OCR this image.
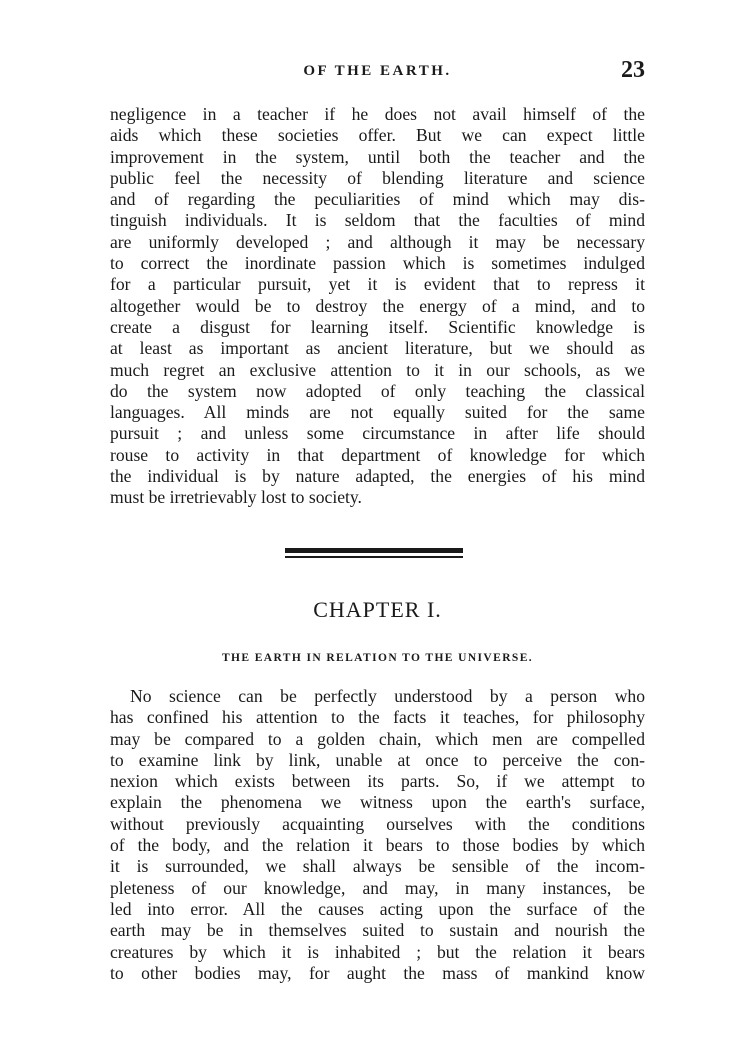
OF THE EARTH.	23
negligence in a teacher if he does not avail himself of the
aids which these societies offer. But we can expect little
improvement in the system, until both the teacher and the
public feel the necessity of blending literature and science
and of regarding the peculiarities of mind which may dis-
tinguish individuals. It is seldom that the faculties of mind
are uniformly developed ; and although it may be necessary
to correct the inordinate passion which is sometimes indulged
for a particular pursuit, yet it is evident that to repress it
altogether would be to destroy the energy of a mind, and to
create a disgust for learning itself. Scientific knowledge is
at least as important as ancient literature, but we should as
much regret an exclusive attention to it in our schools, as we
do the system now adopted of only teaching the classical
languages. All minds are not equally suited for the same
pursuit ; and unless some circumstance in after life should
rouse to activity in that department of knowledge for which
the individual is by nature adapted, the energies of his mind
must be irretrievably lost to society.
CHAPTER I.
THE EARTH IN RELATION TO THE UNIVERSE.
No science can be perfectly understood by a person who
has confined his attention to the facts it teaches, for philosophy
may be compared to a golden chain, which men are compelled
to examine link by link, unable at once to perceive the con-
nexion which exists between its parts. So, if we attempt to
explain the phenomena we witness upon the earth's surface,
without previously acquainting ourselves with the conditions
of the body, and the relation it bears to those bodies by which
it is surrounded, we shall always be sensible of the incom-
pleteness of our knowledge, and may, in many instances, be
led into error. All the causes acting upon the surface of the
earth may be in themselves suited to sustain and nourish the
creatures by which it is inhabited ; but the relation it bears
to other bodies may, for aught the mass of mankind know
